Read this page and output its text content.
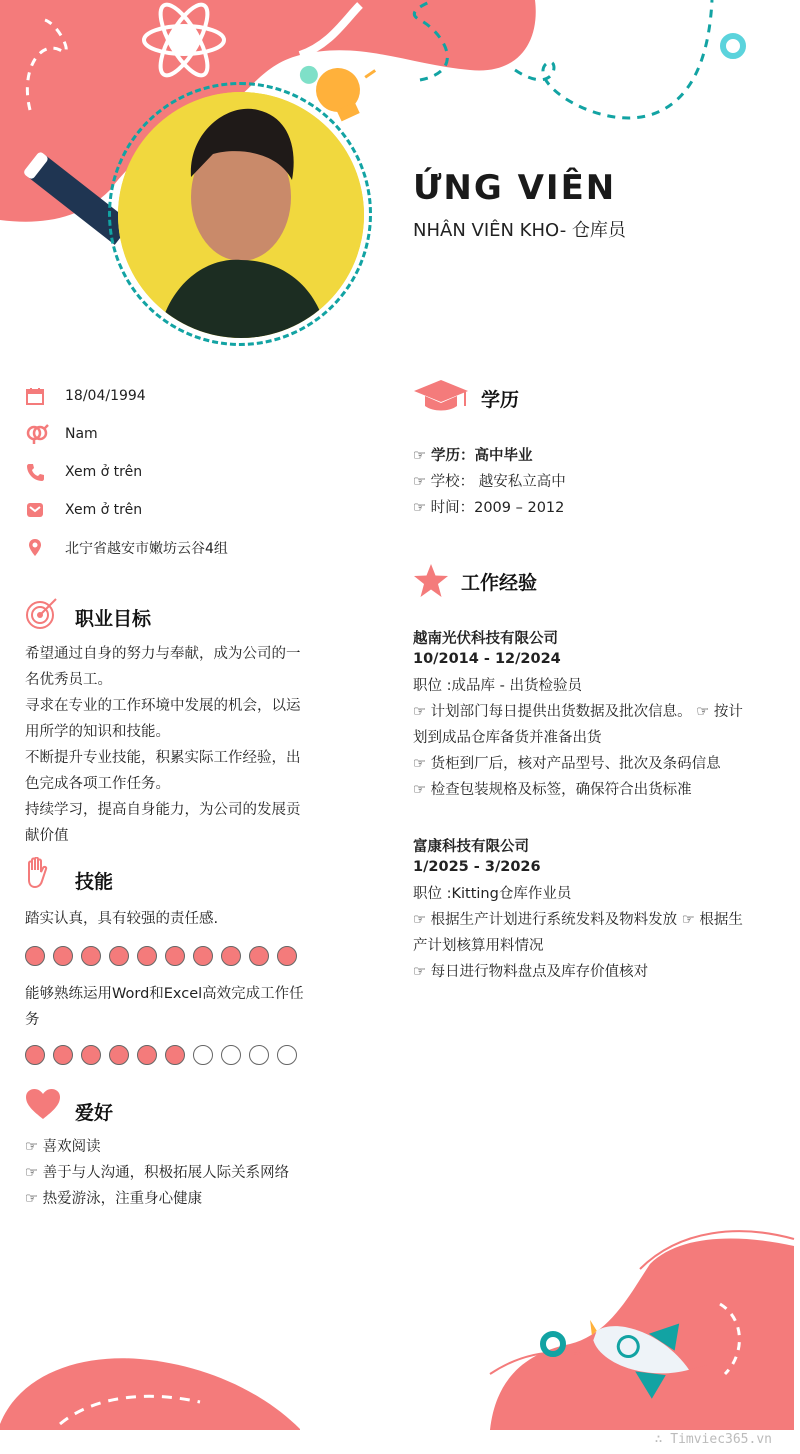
ỨNG VIÊN
NHÂN VIÊN KHO- 仓库员
18/04/1994
Nam
Xem ở trên
Xem ở trên
北宁省越安市嫩坊云谷4组
职业目标
希望通过自身的努力与奉献，成为公司的一
名优秀员工。
寻求在专业的工作环境中发展的机会，以运
用所学的知识和技能。
不断提升专业技能，积累实际工作经验，出
色完成各项工作任务。
持续学习，提高自身能力，为公司的发展贡
献价值
技能
踏实认真，具有较强的责任感.
能够熟练运用Word和Excel高效完成工作任
务
爱好
☞ 喜欢阅读
☞ 善于与人沟通，积极拓展人际关系网络
☞ 热爱游泳，注重身心健康
学历
☞ 学历：高中毕业
☞ 学校： 越安私立高中
☞ 时间：2009 – 2012
工作经验
越南光伏科技有限公司
10/2014 - 12/2024
职位 :成品库 - 出货检验员
☞ 计划部门每日提供出货数据及批次信息。 ☞ 按计
划到成品仓库备货并准备出货
☞ 货柜到厂后，核对产品型号、批次及条码信息
☞ 检查包装规格及标签，确保符合出货标准
富康科技有限公司
1/2025 - 3/2026
职位 :Kitting仓库作业员
☞ 根据生产计划进行系统发料及物料发放 ☞ 根据生
产计划核算用料情况
☞ 每日进行物料盘点及库存价值核对
∴ Timviec365.vn
